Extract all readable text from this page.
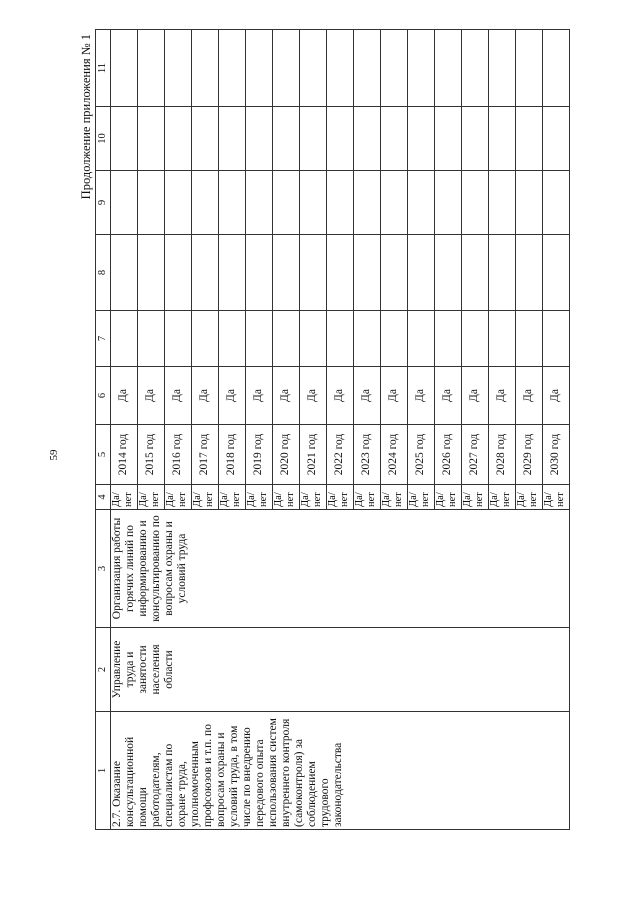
59
Продолжение приложения № 1
1	2	3	4	5	6	7	8	9	10	11
2.7. Оказание консультационной помощи работодателям, специалистам по охране труда, уполномоченным профсоюзов и т.п. по вопросам охраны и условий труда, в том числе по внедрению передового опыта использования систем внутреннего контроля (самоконтроля) за соблюдением трудового законодательства	Управление труда и занятости населения области	Организация работы горячих линий по информированию и консультированию по вопросам охраны и условий труда	Да/ нет	2014 год	Да					
			Да/ нет	2015 год	Да					
			Да/ нет	2016 год	Да					
			Да/ нет	2017 год	Да					
			Да/ нет	2018 год	Да					
			Да/ нет	2019 год	Да					
			Да/ нет	2020 год	Да					
			Да/ нет	2021 год	Да					
			Да/ нет	2022 год	Да					
			Да/ нет	2023 год	Да					
			Да/ нет	2024 год	Да					
			Да/ нет	2025 год	Да					
			Да/ нет	2026 год	Да					
			Да/ нет	2027 год	Да					
			Да/ нет	2028 год	Да					
			Да/ нет	2029 год	Да					
			Да/ нет	2030 год	Да					
